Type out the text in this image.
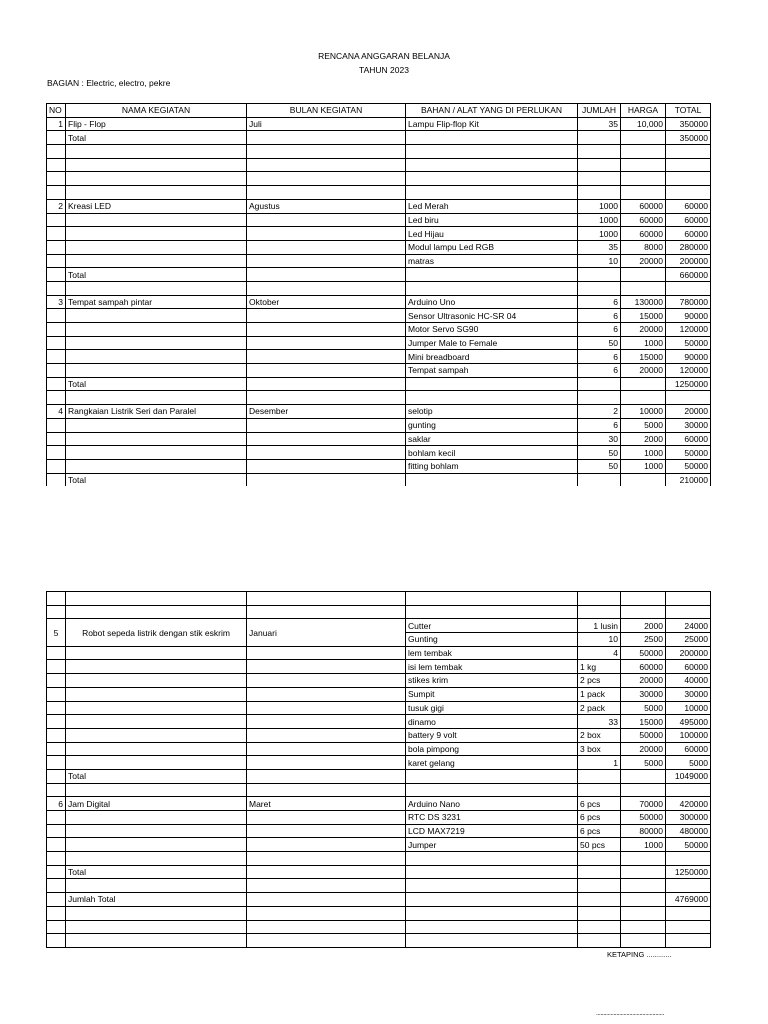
RENCANA ANGGARAN BELANJA
TAHUN 2023
BAGIAN : Electric, electro, pekre
NO	NAMA KEGIATAN	BULAN KEGIATAN	BAHAN / ALAT YANG DI PERLUKAN	JUMLAH	HARGA	TOTAL
1	Flip - Flop	Juli	Lampu Flip-flop Kit	35	10,000	350000
	Total					350000

2	Kreasi LED	Agustus	Led Merah	1000	60000	60000
			Led biru	1000	60000	60000
			Led Hijau	1000	60000	60000
			Modul lampu Led RGB	35	8000	280000
			matras	10	20000	200000
	Total					660000

3	Tempat sampah pintar	Oktober	Arduino Uno	6	130000	780000
			Sensor Ultrasonic HC-SR 04	6	15000	90000
			Motor Servo SG90	6	20000	120000
			Jumper Male to Female	50	1000	50000
			Mini breadboard	6	15000	90000
			Tempat sampah	6	20000	120000
	Total					1250000

4	Rangkaian Listrik Seri dan Paralel	Desember	selotip	2	10000	20000
			gunting	6	5000	30000
			saklar	30	2000	60000
			bohlam kecil	50	1000	50000
			fitting bohlam	50	1000	50000
	Total					210000

5	Robot sepeda listrik dengan stik eskrim	Januari	Cutter	1 lusin	2000	24000
			Gunting	10	2500	25000
			lem tembak	4	50000	200000
			isi lem tembak	1 kg	60000	60000
			stikes krim	2 pcs	20000	40000
			Sumpit	1 pack	30000	30000
			tusuk gigi	2 pack	5000	10000
			dinamo	33	15000	495000
			battery 9 volt	2 box	50000	100000
			bola pimpong	3 box	20000	60000
			karet gelang	1	5000	5000
	Total					1049000

6	Jam Digital	Maret	Arduino Nano	6 pcs	70000	420000
			RTC DS 3231	6 pcs	50000	300000
			LCD MAX7219	6 pcs	80000	480000
			Jumper	50 pcs	1000	50000

	Total					1250000

	Jumlah Total					4769000

KETAPING ............
...............................................
